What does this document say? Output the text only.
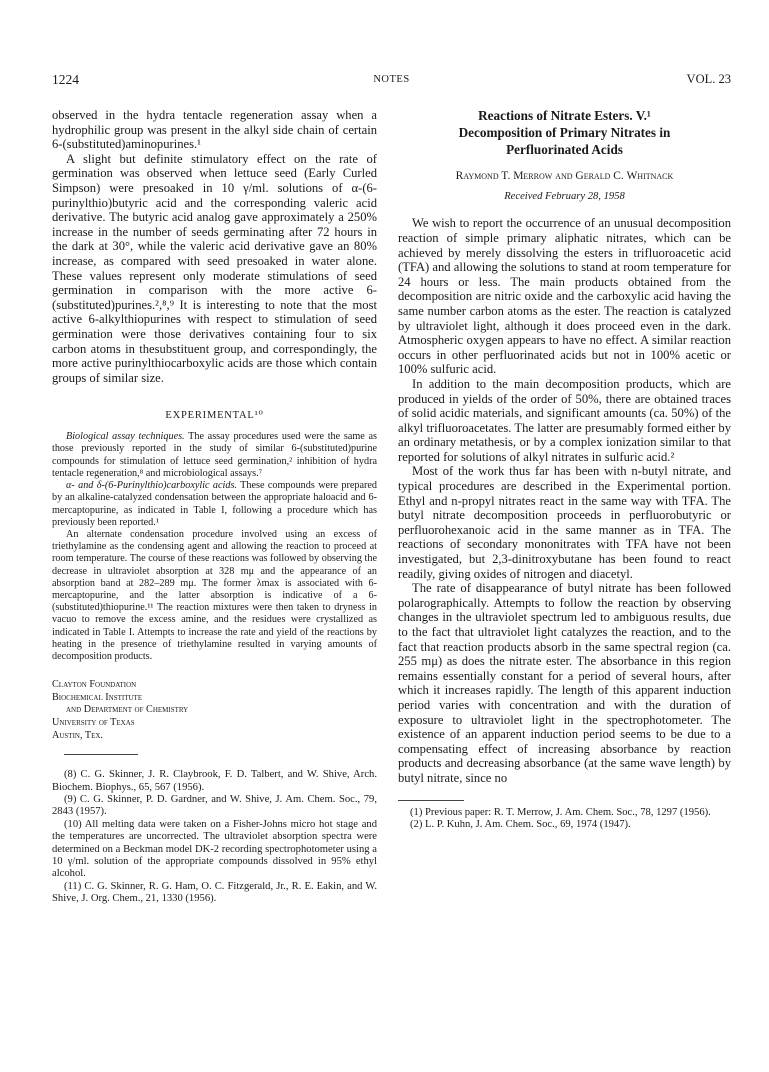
1224	NOTES	VOL. 23

observed in the hydra tentacle regeneration assay when a hydrophilic group was present in the alkyl side chain of certain 6-(substituted)aminopurines.¹

A slight but definite stimulatory effect on the rate of germination was observed when lettuce seed (Early Curled Simpson) were presoaked in 10 γ/ml. solutions of α-(6-purinylthio)butyric acid and the corresponding valeric acid derivative. The butyric acid analog gave approximately a 250% increase in the number of seeds germinating after 72 hours in the dark at 30°, while the valeric acid derivative gave an 80% increase, as compared with seed presoaked in water alone. These values represent only moderate stimulations of seed germination in comparison with the more active 6-(substituted)purines.²,⁸,⁹ It is interesting to note that the most active 6-alkylthiopurines with respect to stimulation of seed germination were those derivatives containing four to six carbon atoms in thesubstituent group, and correspondingly, the more active purinylthiocarboxylic acids are those which contain groups of similar size.

EXPERIMENTAL¹⁰

Biological assay techniques. The assay procedures used were the same as those previously reported in the study of similar 6-(substituted)purine compounds for stimulation of lettuce seed germination,² inhibition of hydra tentacle regeneration,⁸ and microbiological assays.⁷

α- and δ-(6-Purinylthio)carboxylic acids. These compounds were prepared by an alkaline-catalyzed condensation between the appropriate haloacid and 6-mercaptopurine, as indicated in Table I, following a procedure which has previously been reported.¹

An alternate condensation procedure involved using an excess of triethylamine as the condensing agent and allowing the reaction to proceed at room temperature. The course of these reactions was followed by observing the decrease in ultraviolet absorption at 328 mμ and the appearance of an absorption band at 282–289 mμ. The former λmax is associated with 6-mercaptopurine, and the latter absorption is indicative of a 6-(substituted)thiopurine.¹¹ The reaction mixtures were then taken to dryness in vacuo to remove the excess amine, and the residues were crystallized as indicated in Table I. Attempts to increase the rate and yield of the reactions by heating in the presence of triethylamine resulted in varying amounts of decomposition products.

Clayton Foundation
Biochemical Institute
and Department of Chemistry
University of Texas
Austin, Tex.

(8) C. G. Skinner, J. R. Claybrook, F. D. Talbert, and W. Shive, Arch. Biochem. Biophys., 65, 567 (1956).

(9) C. G. Skinner, P. D. Gardner, and W. Shive, J. Am. Chem. Soc., 79, 2843 (1957).

(10) All melting data were taken on a Fisher-Johns micro hot stage and the temperatures are uncorrected. The ultraviolet absorption spectra were determined on a Beckman model DK-2 recording spectrophotometer using a 10 γ/ml. solution of the appropriate compounds dissolved in 95% ethyl alcohol.

(11) C. G. Skinner, R. G. Ham, O. C. Fitzgerald, Jr., R. E. Eakin, and W. Shive, J. Org. Chem., 21, 1330 (1956).

Reactions of Nitrate Esters. V.¹
Decomposition of Primary Nitrates in
Perfluorinated Acids
Raymond T. Merrow and Gerald C. Whitnack
Received February 28, 1958

We wish to report the occurrence of an unusual decomposition reaction of simple primary aliphatic nitrates, which can be achieved by merely dissolving the esters in trifluoroacetic acid (TFA) and allowing the solutions to stand at room temperature for 24 hours or less. The main products obtained from the decomposition are nitric oxide and the carboxylic acid having the same number carbon atoms as the ester. The reaction is catalyzed by ultraviolet light, although it does proceed even in the dark. Atmospheric oxygen appears to have no effect. A similar reaction occurs in other perfluorinated acids but not in 100% acetic or 100% sulfuric acid.

In addition to the main decomposition products, which are produced in yields of the order of 50%, there are obtained traces of solid acidic materials, and significant amounts (ca. 50%) of the alkyl trifluoroacetates. The latter are presumably formed either by an ordinary metathesis, or by a complex ionization similar to that reported for solutions of alkyl nitrates in sulfuric acid.²

Most of the work thus far has been with n-butyl nitrate, and typical procedures are described in the Experimental portion. Ethyl and n-propyl nitrates react in the same way with TFA. The butyl nitrate decomposition proceeds in perfluorobutyric or perfluorohexanoic acid in the same manner as in TFA. The reactions of secondary mononitrates with TFA have not been investigated, but 2,3-dinitroxybutane has been found to react readily, giving oxides of nitrogen and diacetyl.

The rate of disappearance of butyl nitrate has been followed polarographically. Attempts to follow the reaction by observing changes in the ultraviolet spectrum led to ambiguous results, due to the fact that ultraviolet light catalyzes the reaction, and to the fact that reaction products absorb in the same spectral region (ca. 255 mμ) as does the nitrate ester. The absorbance in this region remains essentially constant for a period of several hours, after which it increases rapidly. The length of this apparent induction period varies with concentration and with the duration of exposure to ultraviolet light in the spectrophotometer. The existence of an apparent induction period seems to be due to a compensating effect of increasing absorbance by reaction products and decreasing absorbance (at the same wave length) by butyl nitrate, since no

(1) Previous paper: R. T. Merrow, J. Am. Chem. Soc., 78, 1297 (1956).

(2) L. P. Kuhn, J. Am. Chem. Soc., 69, 1974 (1947).
